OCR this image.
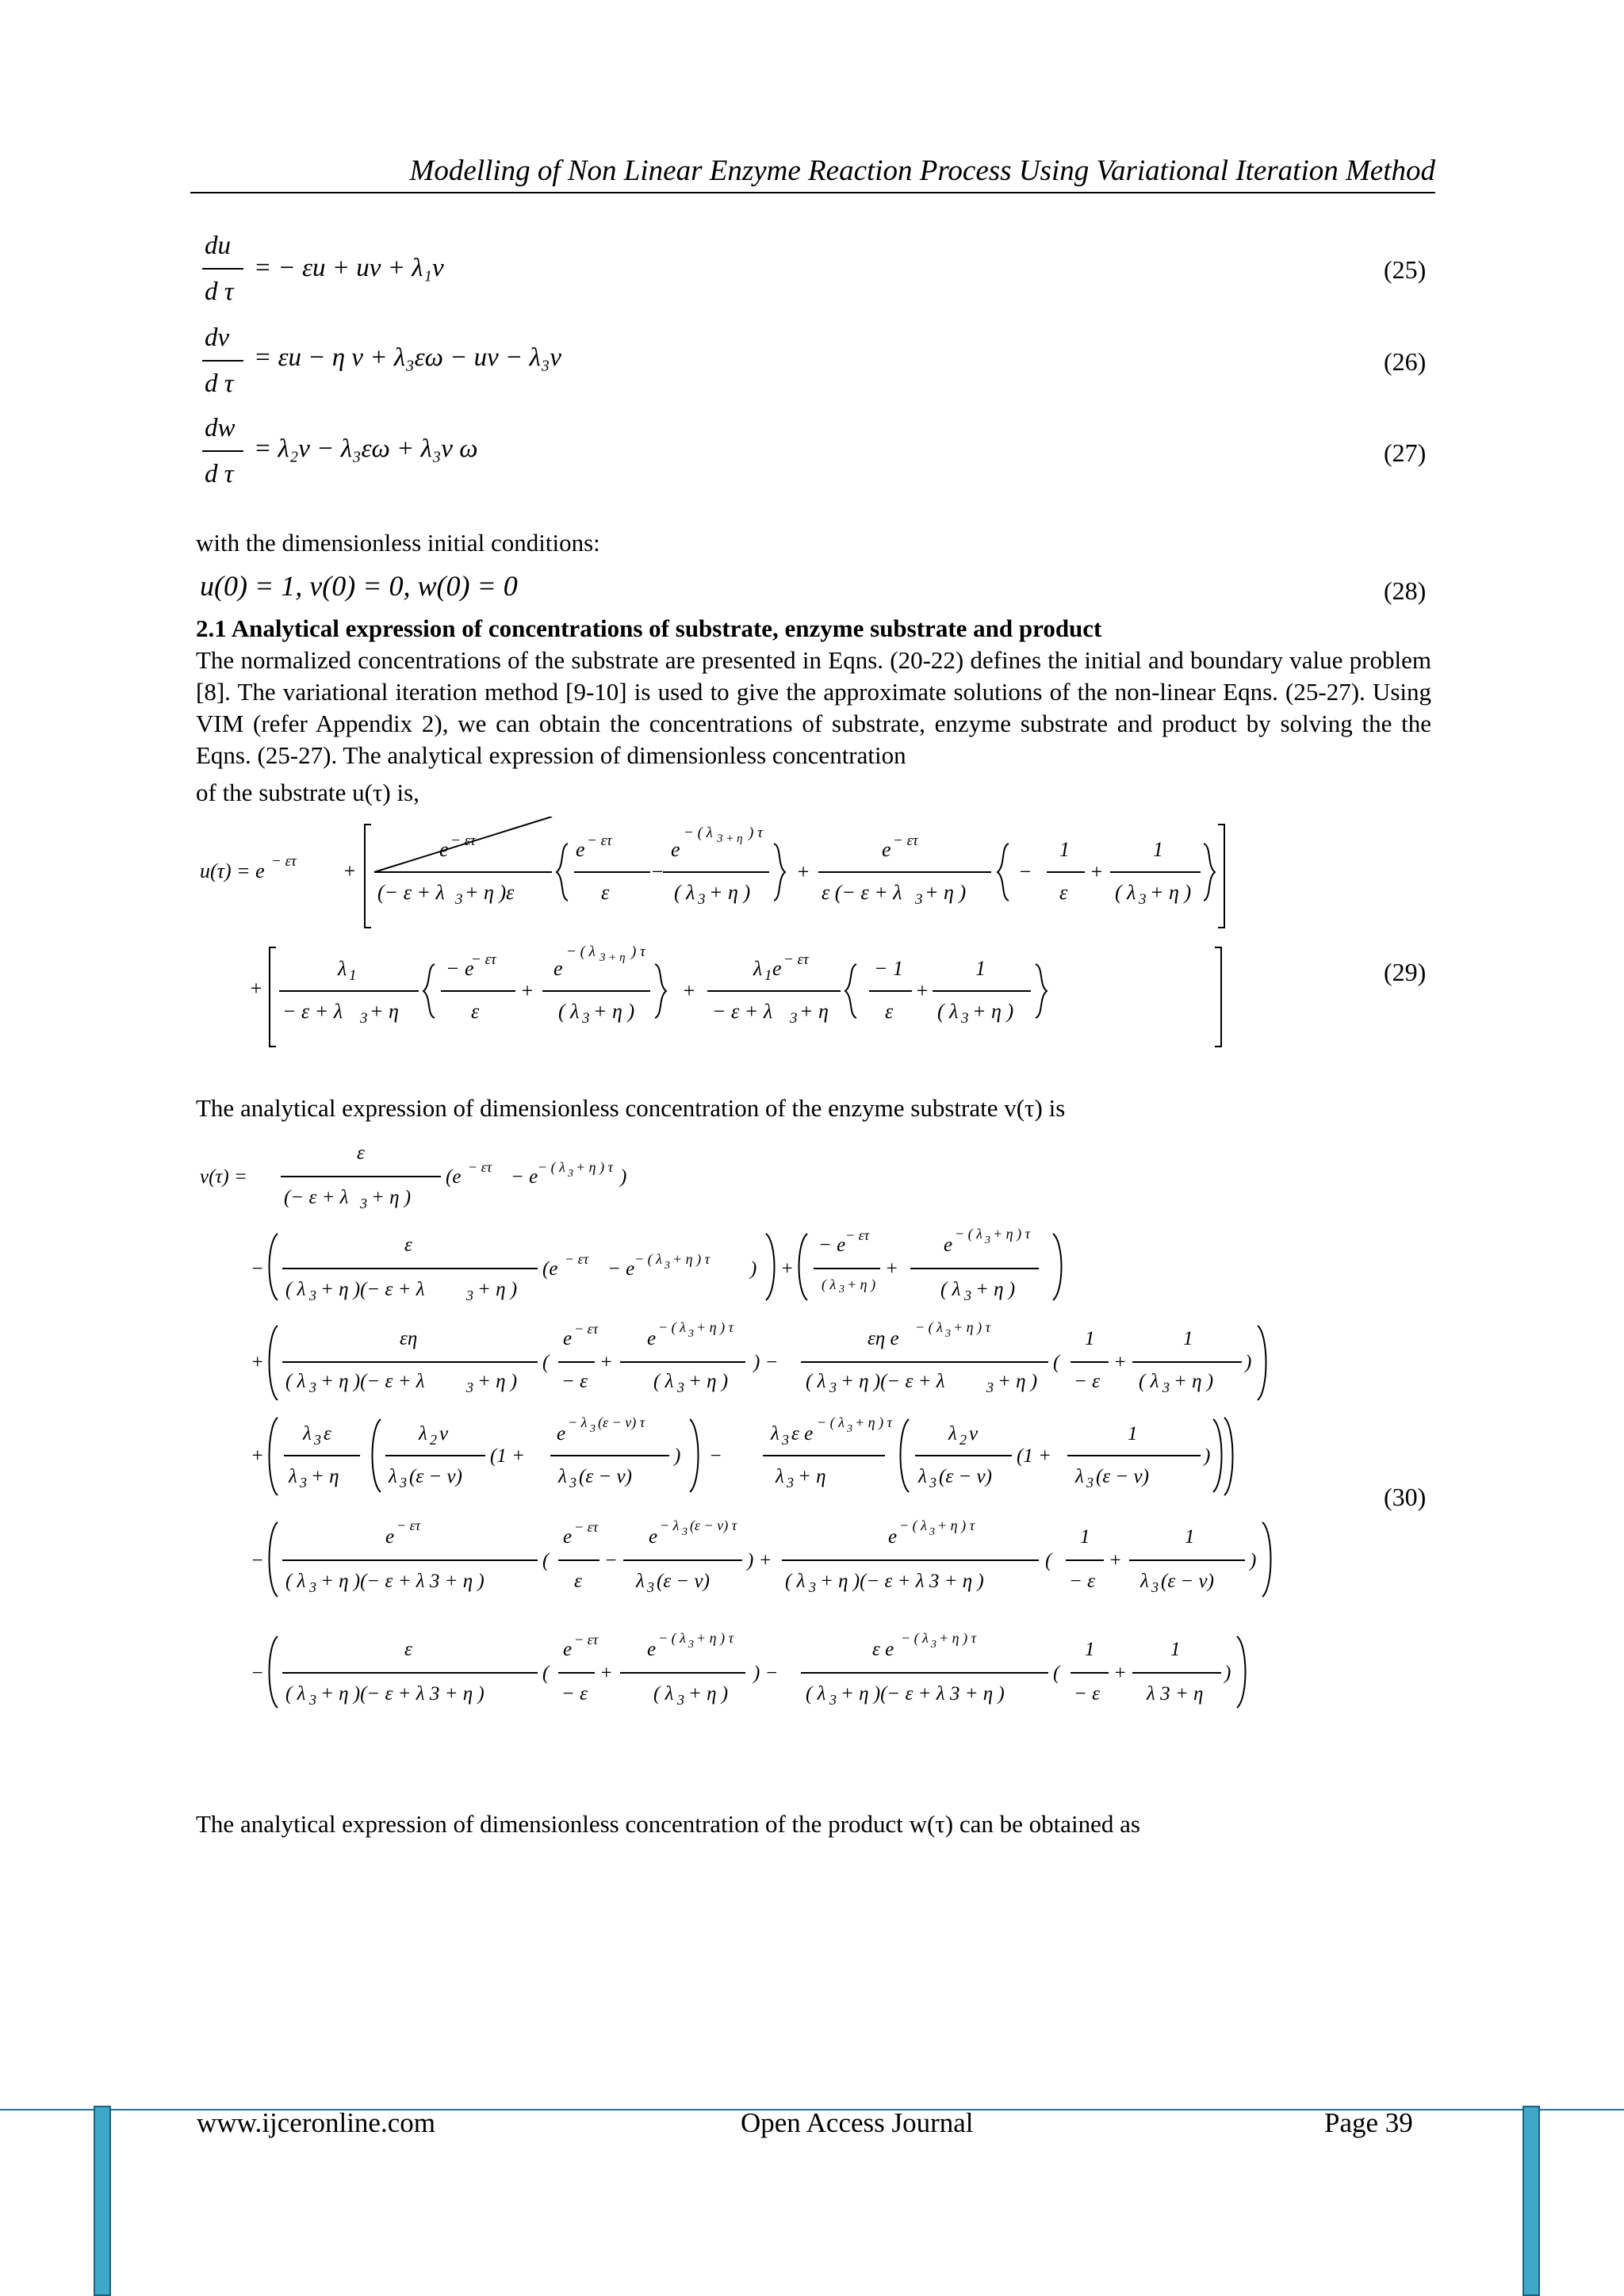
Modelling of Non Linear Enzyme Reaction Process Using Variational Iteration Method
du
d τ
= − εu + uv + λ₁v	(25)
dv
d τ
= εu − η v + λ₃εω − uv − λ₃v	(26)
dw
d τ
= λ₂v − λ₃εω + λ₃v ω	(27)
with the dimensionless initial conditions:
u(0) = 1, v(0) = 0, w(0) = 0	(28)
2.1 Analytical expression of concentrations of substrate, enzyme substrate and product
The normalized concentrations of the substrate are presented in Eqns. (20-22) defines the initial and boundary value problem [8]. The variational iteration method [9-10] is used to give the approximate solutions of the non-linear Eqns. (25-27). Using VIM (refer Appendix 2), we can obtain the concentrations of substrate, enzyme substrate and product by solving the the Eqns. (25-27). The analytical expression of dimensionless concentration
of the substrate u(τ) is,
u(τ) = e − ετ +
e − ετ
(− ε + λ 3 + η )ε
e − ετ
ε
−
e
− ( λ 3 + η ) τ
( λ 3 + η )
+
e − ετ
ε (− ε + λ 3 + η )
−
1
ε
+
1
( λ 3 + η )
+
λ 1
− ε + λ 3 + η
− e
− ετ
ε
+
e
− ( λ 3 + η ) τ
( λ 3 + η )
+
λ 1 e − ετ
− ε + λ 3 + η
− 1
ε
+
1
( λ 3 + η )
(29)
The analytical expression of dimensionless concentration of the enzyme substrate v(τ) is
v(τ) =
ε
(− ε + λ 3 + η )
(e − ετ − e − ( λ 3 + η ) τ )
−
ε
( λ 3 + η )(− ε + λ	3 + η )
(e − ετ − e − ( λ 3 + η ) τ ) +
− e − ετ
( λ 3 + η )
+
e
− ( λ 3 + η ) τ
( λ 3 + η )
+
εη
( λ 3 + η )(− ε + λ	3 + η )
(
e − ετ
− ε
+
e
− ( λ 3 + η ) τ
( λ 3 + η )
) −
εη e
− ( λ 3 + η ) τ
( λ 3 + η )(− ε + λ	3 + η )
(
1
− ε
+
1
( λ 3 + η )
)
+
λ 3 ε
λ 3 + η
λ 2 v
λ 3 (ε − v)
(1 +
e
− λ 3 (ε − v) τ
λ 3 (ε − v)
) −
λ 3 ε e
− ( λ 3 + η ) τ
λ 3 + η
λ 2 v
λ 3 (ε − v)
(1 +
1
λ 3 (ε − v)
)
−
e
− ετ
( λ 3 + η )(− ε + λ 3 + η )
(
e − ετ
ε
−
e
− λ 3 (ε − v) τ
λ 3 (ε − v)
) +
e
− ( λ 3 + η ) τ
( λ 3 + η )(− ε + λ 3 + η )
(
1
− ε
+
1
λ 3 (ε − v)
)
−
ε
( λ 3 + η )(− ε + λ 3 + η )
(
e − ετ
− ε
+
e
− ( λ 3 + η ) τ
( λ 3 + η )
) −
ε e
− ( λ 3 + η ) τ
( λ 3 + η )(− ε + λ 3 + η )
(
1
− ε
+
1
λ 3 + η
)
(30)
The analytical expression of dimensionless concentration of the product w(τ) can be obtained as
www.ijceronline.com	Open Access Journal	Page 39
